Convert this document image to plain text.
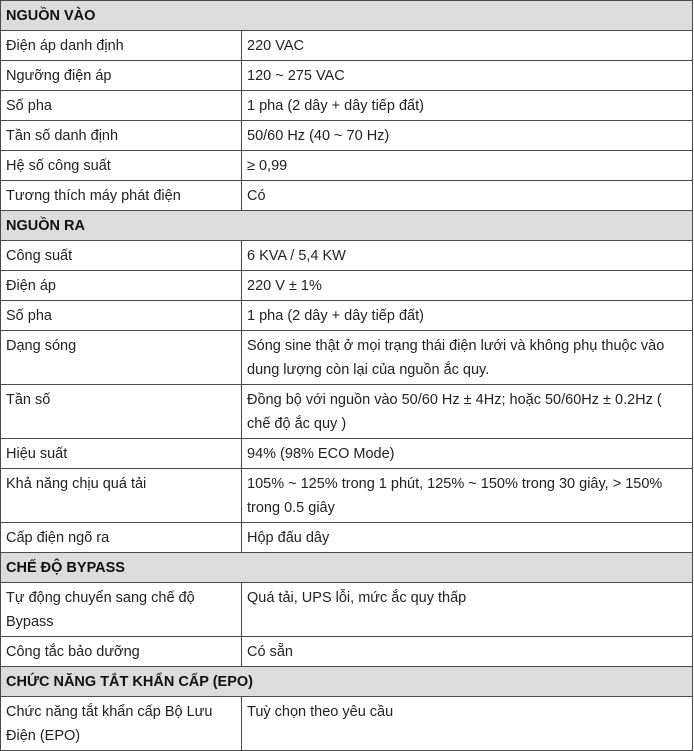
NGUỒN VÀO	
Điện áp danh định	220 VAC
Ngưỡng điện áp	120 ~ 275 VAC
Số pha	1 pha (2 dây + dây tiếp đất)
Tần số danh định	50/60 Hz (40 ~ 70 Hz)
Hệ số công suất	≥ 0,99
Tương thích máy phát điện	Có
NGUỒN RA	
Công suất	6 KVA / 5,4 KW
Điện áp	220 V ± 1%
Số pha	1 pha (2 dây + dây tiếp đất)
Dạng sóng	Sóng sine thật ở mọi trạng thái điện lưới và không phụ thuộc vào dung lượng còn lại của nguồn ắc quy.
Tần số	Đồng bộ với nguồn vào 50/60 Hz ± 4Hz; hoặc 50/60Hz ± 0.2Hz ( chế độ ắc quy )
Hiệu suất	94% (98% ECO Mode)
Khả năng chịu quá tải	105% ~ 125% trong 1 phút, 125% ~ 150% trong 30 giây, > 150% trong 0.5 giây
Cấp điện ngõ ra	Hộp đấu dây
CHẾ ĐỘ BYPASS	
Tự động chuyển sang chế độ Bypass	Quá tải, UPS lỗi, mức ắc quy thấp
Công tắc bảo dưỡng	Có sẵn
CHỨC NĂNG TẮT KHẨN CẤP (EPO)	
Chức năng tắt khẩn cấp Bộ Lưu Điện (EPO)	Tuỳ chọn theo yêu cầu
